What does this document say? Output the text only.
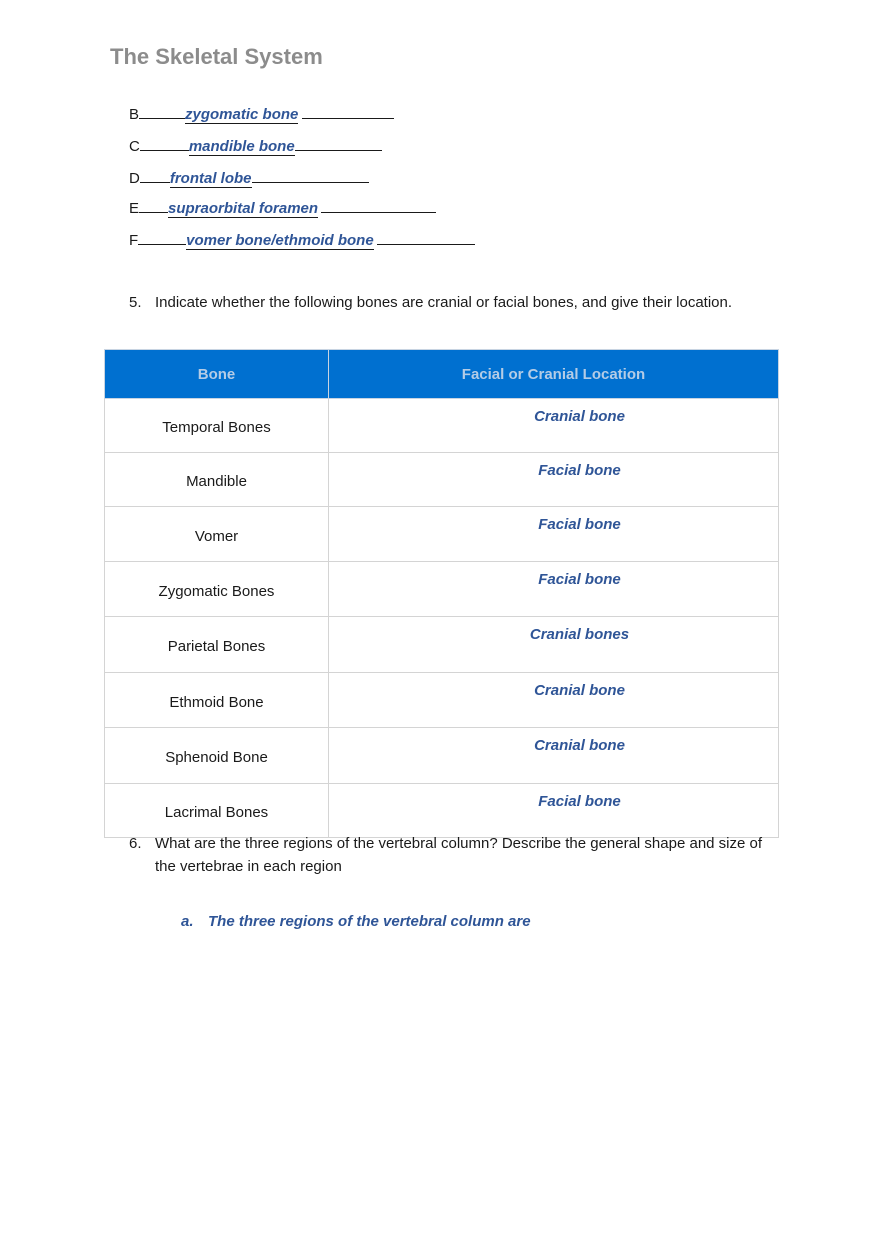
The Skeletal System
B	zygomatic bone
C	mandible bone
D frontal lobe
E supraorbital foramen
F	vomer bone/ethmoid bone
5. Indicate whether the following bones are cranial or facial bones, and give their location.
Bone	Facial or Cranial Location
Temporal Bones	Cranial bone
Mandible	Facial bone
Vomer	Facial bone
Zygomatic Bones	Facial bone
Parietal Bones	Cranial bones
Ethmoid Bone	Cranial bone
Sphenoid Bone	Cranial bone
Lacrimal Bones	Facial bone
6. What are the three regions of the vertebral column? Describe the general shape and size of the vertebrae in each region
a. The three regions of the vertebral column are
